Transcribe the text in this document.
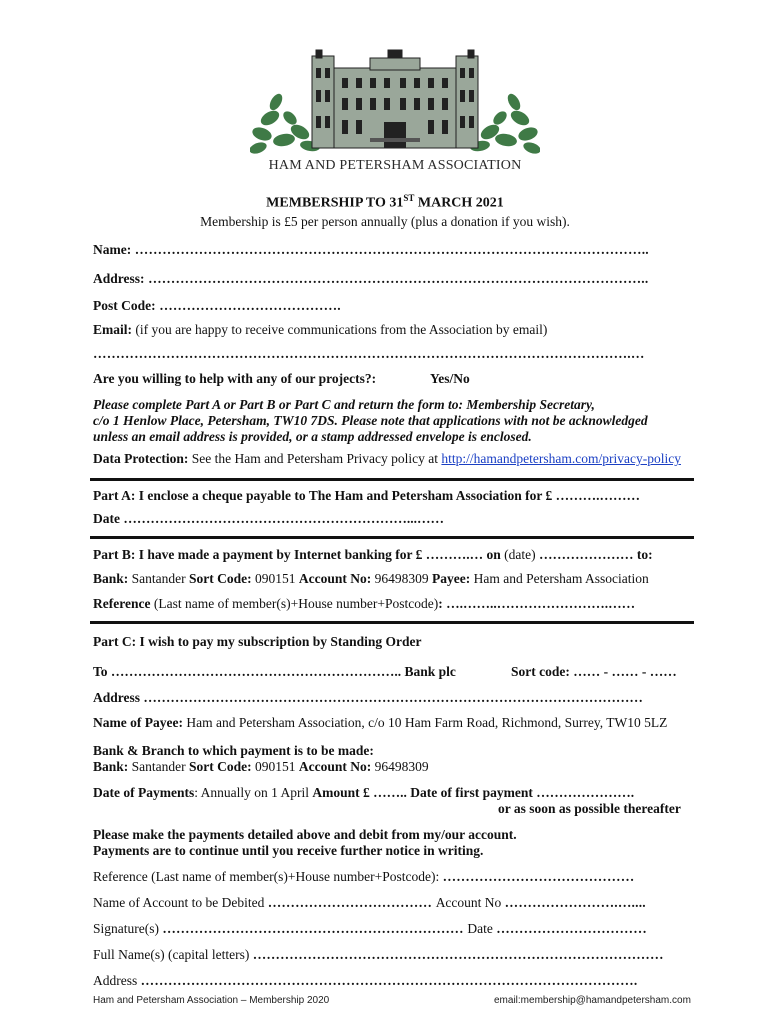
HAM AND PETERSHAM ASSOCIATION
MEMBERSHIP TO 31ST MARCH 2021
Membership is £5 per person annually (plus a donation if you wish).
Name: …………………………………………………………………………………………………..
Address: ………………………………………………………………………………………………..
Post Code: ………………………………….
Email: (if you are happy to receive communications from the Association by email)
……………………………………………………………………………………………………….…
Are you willing to help with any of our projects?:	Yes/No
Please complete Part A or Part B or Part C and return the form to: Membership Secretary,
c/o 1 Henlow Place, Petersham, TW10 7DS. Please note that applications with not be acknowledged
unless an email address is provided, or a stamp addressed envelope is enclosed.
Data Protection: See the Ham and Petersham Privacy policy at http://hamandpetersham.com/privacy-policy
Part A: I enclose a cheque payable to The Ham and Petersham Association for £ ……….………
Date ………………………………………………………...……
Part B: I have made a payment by Internet banking for £ ……….… on (date) ………………… to:
Bank: Santander Sort Code: 090151 Account No: 96498309 Payee: Ham and Petersham Association
Reference (Last name of member(s)+House number+Postcode): ….……..…………………….……
Part C: I wish to pay my subscription by Standing Order
To ……………………………………………………….. Bank plc	Sort code: …… - …… - ……
Address …………………………………………………………………………………………………
Name of Payee: Ham and Petersham Association, c/o 10 Ham Farm Road, Richmond, Surrey, TW10 5LZ
Bank & Branch to which payment is to be made:
Bank: Santander Sort Code: 090151 Account No: 96498309
Date of Payments: Annually on 1 April Amount £ …….. Date of first payment ………………….
or as soon as possible thereafter
Please make the payments detailed above and debit from my/our account.
Payments are to continue until you receive further notice in writing.
Reference (Last name of member(s)+House number+Postcode): ……………………………………
Name of Account to be Debited ……………………………… Account No …………………….…....
Signature(s) ………………………………………………………… Date ……………………………
Full Name(s) (capital letters) ………………………………………………………………………………
Address ……………………………………………………………………………………………….
Ham and Petersham Association – Membership 2020	email:membership@hamandpetersham.com
